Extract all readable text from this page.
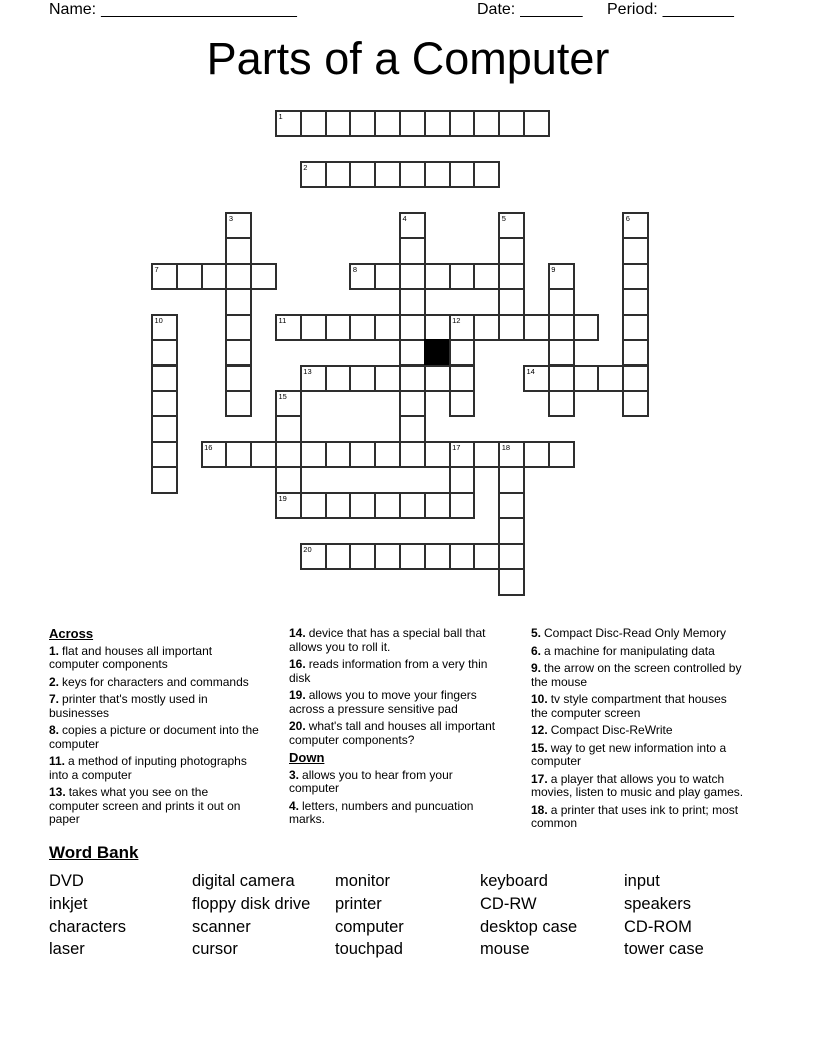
Name: ______________________	Date: _______ Period: ________
Parts of a Computer
1
2
3	4	5	6
7	8	9
10	11	12
13	14
15
16	17	18
19
20
Across
1. flat and houses all important computer components
2. keys for characters and commands
7. printer that's mostly used in businesses
8. copies a picture or document into the computer
11. a method of inputing photographs into a computer
13. takes what you see on the computer screen and prints it out on paper
14. device that has a special ball that allows you to roll it.
16. reads information from a very thin disk
19. allows you to move your fingers across a pressure sensitive pad
20. what's tall and houses all important computer components?
Down
3. allows you to hear from your computer
4. letters, numbers and puncuation marks.
5. Compact Disc-Read Only Memory
6. a machine for manipulating data
9. the arrow on the screen controlled by the mouse
10. tv style compartment that houses the computer screen
12. Compact Disc-ReWrite
15. way to get new information into a computer
17. a player that allows you to watch movies, listen to music and play games.
18. a printer that uses ink to print; most common
Word Bank
DVD	digital camera	monitor	keyboard	input
inkjet	floppy disk drive	printer	CD-RW	speakers
characters	scanner	computer	desktop case	CD-ROM
laser	cursor	touchpad	mouse	tower case
